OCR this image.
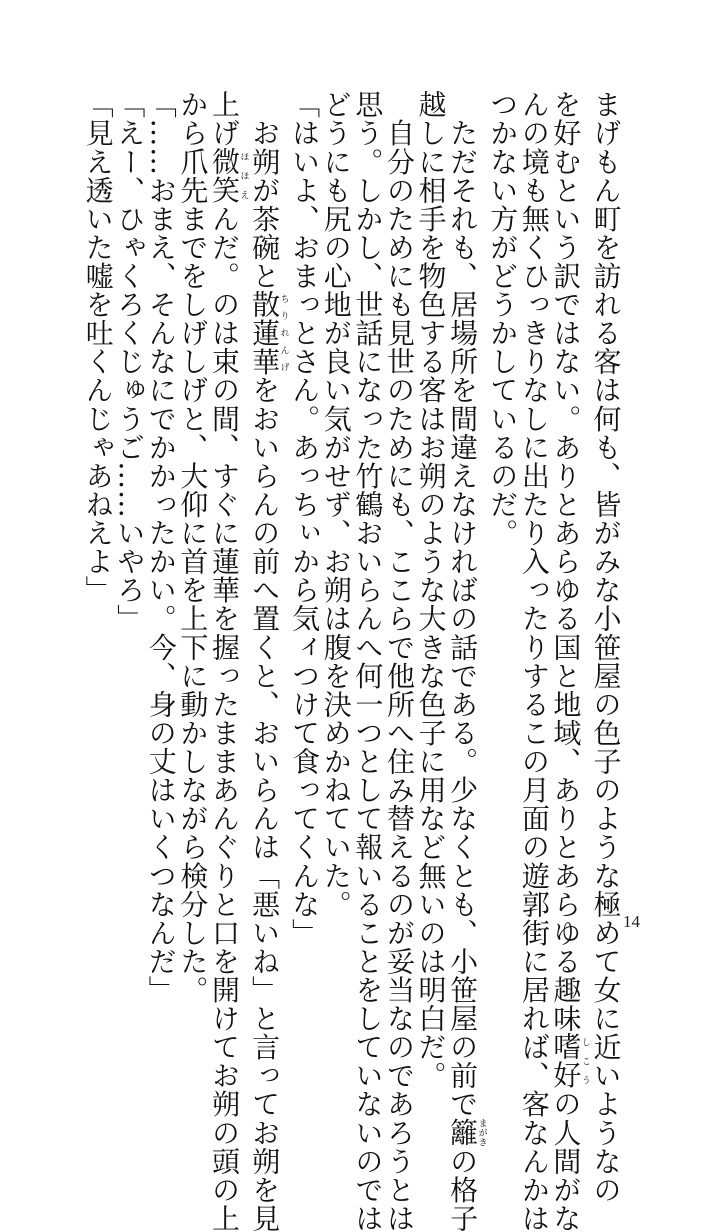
まげもん町を訪れる客は何も、皆がみな小笹屋の色子のような極めて女に近いようなの
を好むという訳ではない。ありとあらゆる国と地域、ありとあらゆる趣味嗜好しこうの人間がな
んの境も無くひっきりなしに出たり入ったりするこの月面の遊郭街に居れば、客なんかは
つかない方がどうかしているのだ。
　ただそれも、居場所を間違えなければの話である。少なくとも、小笹屋の前で籬まがきの格子
越しに相手を物色する客はお朔のような大きな色子に用など無いのは明白だ。
　自分のためにも見世のためにも、ここらで他所へ住み替えるのが妥当なのであろうとは
思う。しかし、世話になった竹鶴おいらんへ何一つとして報いることをしていないのでは
どうにも尻の心地が良い気がせず、お朔は腹を決めかねていた。
「はいよ、おまっとさん。あっちぃから気ィつけて食ってくんな」
　お朔が茶碗と散蓮華ちりれんげをおいらんの前へ置くと、おいらんは「悪いね」と言ってお朔を見
上げ微笑ほほえんだ。のは束の間、すぐに蓮華を握ったままあんぐりと口を開けてお朔の頭の上
から爪先までをしげしげと、大仰に首を上下に動かしながら検分した。
「……おまえ、そんなにでかかったかい。今、身の丈はいくつなんだ」
「えー、ひゃくろくじゅうご……いやろ」
「見え透いた嘘を吐くんじゃあねえよ」
14
